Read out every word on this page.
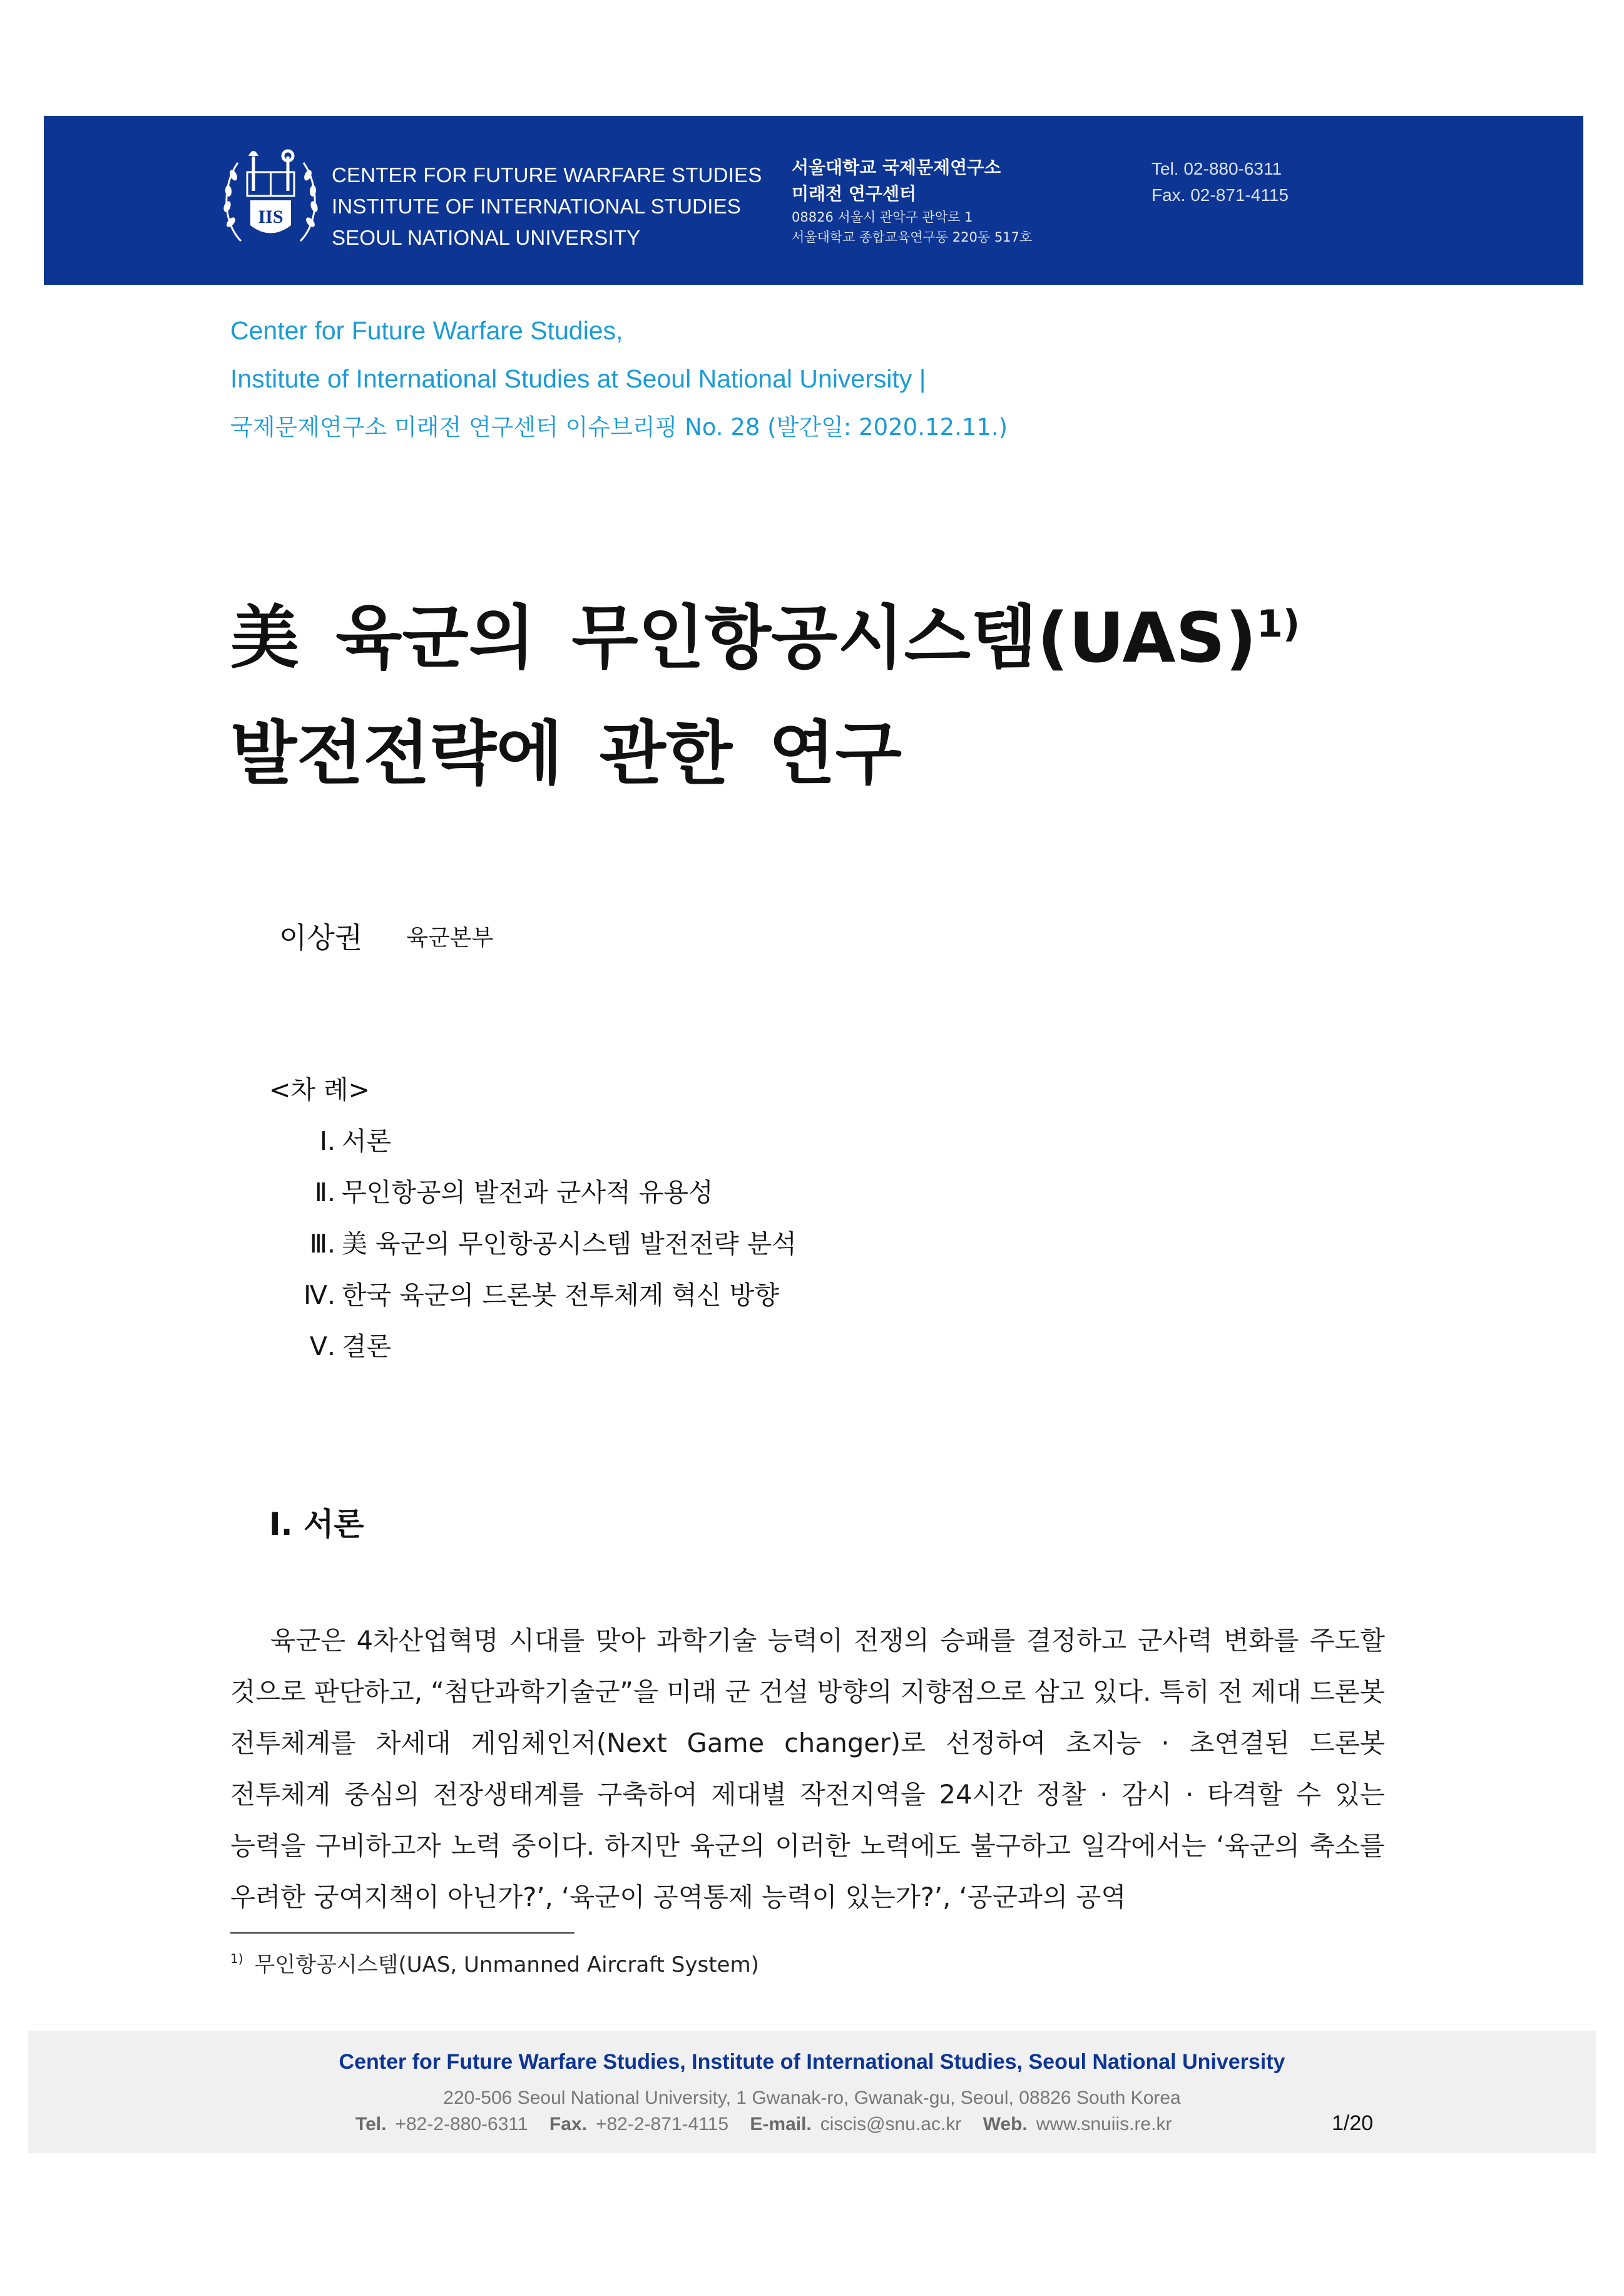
IIS
CENTER FOR FUTURE WARFARE STUDIES
INSTITUTE OF INTERNATIONAL STUDIES
SEOUL NATIONAL UNIVERSITY
서울대학교 국제문제연구소
미래전 연구센터
08826 서울시 관악구 관악로 1
서울대학교 종합교육연구동 220동 517호
Tel. 02-880-6311
Fax. 02-871-4115
Center for Future Warfare Studies,
Institute of International Studies at Seoul National University |
국제문제연구소 미래전 연구센터 이슈브리핑 No. 28 (발간일: 2020.12.11.)
美 육군의 무인항공시스템(UAS)$^{1)}$
발전전략에 관한 연구
이상권 육군본부
<차 례>
Ⅰ. 서론
Ⅱ. 무인항공의 발전과 군사적 유용성
Ⅲ. 美 육군의 무인항공시스템 발전전략 분석
Ⅳ. 한국 육군의 드론봇 전투체계 혁신 방향
Ⅴ. 결론
I. 서론
육군은 4차산업혁명 시대를 맞아 과학기술 능력이 전쟁의 승패를 결정하고 군사력 변화를 주도할 것으로 판단하고, “첨단과학기술군”을 미래 군 건설 방향의 지향점으로 삼고 있다. 특히 전 제대 드론봇 전투체계를 차세대 게임체인저(Next Game changer)로 선정하여 초지능 · 초연결된 드론봇 전투체계 중심의 전장생태계를 구축하여 제대별 작전지역을 24시간 정찰 · 감시 · 타격할 수 있는 능력을 구비하고자 노력 중이다. 하지만 육군의 이러한 노력에도 불구하고 일각에서는 ‘육군의 축소를 우려한 궁여지책이 아닌가?’, ‘육군이 공역통제 능력이 있는가?’, ‘공군과의 공역
$^{1)}$ 무인항공시스템(UAS, Unmanned Aircraft System)
Center for Future Warfare Studies, Institute of International Studies, Seoul National University
220-506 Seoul National University, 1 Gwanak-ro, Gwanak-gu, Seoul, 08826 South Korea
Tel. +82-2-880-6311 Fax. +82-2-871-4115 E-mail. ciscis@snu.ac.kr Web. www.snuiis.re.kr	1/20
